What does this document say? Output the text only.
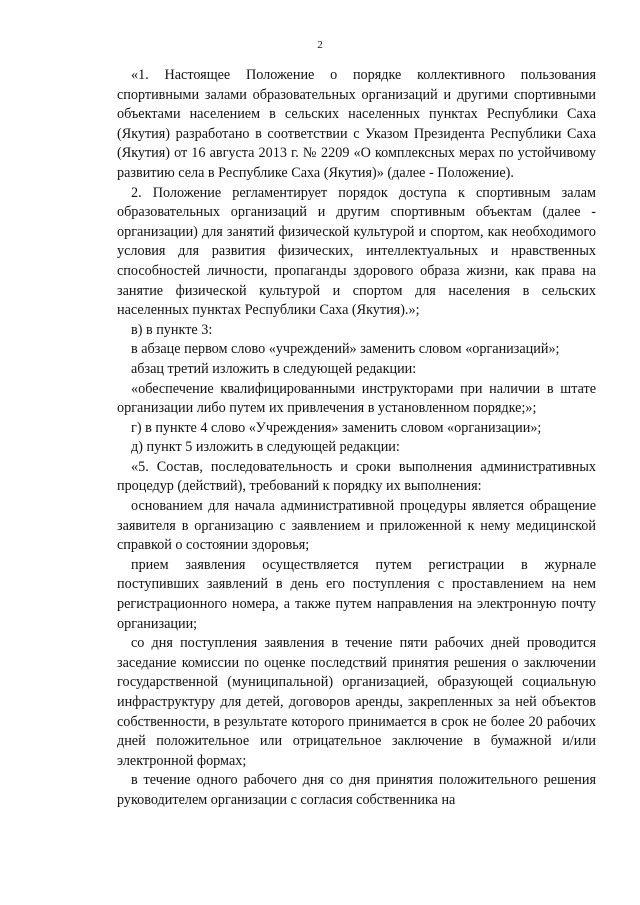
2

«1. Настоящее Положение о порядке коллективного пользования спортивными залами образовательных организаций и другими спортивными объектами населением в сельских населенных пунктах Республики Саха (Якутия) разработано в соответствии с Указом Президента Республики Саха (Якутия) от 16 августа 2013 г. № 2209 «О комплексных мерах по устойчивому развитию села в Республике Саха (Якутия)» (далее - Положение).

2. Положение регламентирует порядок доступа к спортивным залам образовательных организаций и другим спортивным объектам (далее - организации) для занятий физической культурой и спортом, как необходимого условия для развития физических, интеллектуальных и нравственных способностей личности, пропаганды здорового образа жизни, как права на занятие физической культурой и спортом для населения в сельских населенных пунктах Республики Саха (Якутия).»;

в) в пункте 3:

в абзаце первом слово «учреждений» заменить словом «организаций»;

абзац третий изложить в следующей редакции:

«обеспечение квалифицированными инструкторами при наличии в штате организации либо путем их привлечения в установленном порядке;»;

г) в пункте 4 слово «Учреждения» заменить словом «организации»;

д) пункт 5 изложить в следующей редакции:

«5. Состав, последовательность и сроки выполнения административных процедур (действий), требований к порядку их выполнения:

основанием для начала административной процедуры является обращение заявителя в организацию с заявлением и приложенной к нему медицинской справкой о состоянии здоровья;

прием заявления осуществляется путем регистрации в журнале поступивших заявлений в день его поступления с проставлением на нем регистрационного номера, а также путем направления на электронную почту организации;

со дня поступления заявления в течение пяти рабочих дней проводится заседание комиссии по оценке последствий принятия решения о заключении государственной (муниципальной) организацией, образующей социальную инфраструктуру для детей, договоров аренды, закрепленных за ней объектов собственности, в результате которого принимается в срок не более 20 рабочих дней положительное или отрицательное заключение в бумажной и/или электронной формах;

в течение одного рабочего дня со дня принятия положительного решения руководителем организации с согласия собственника на
